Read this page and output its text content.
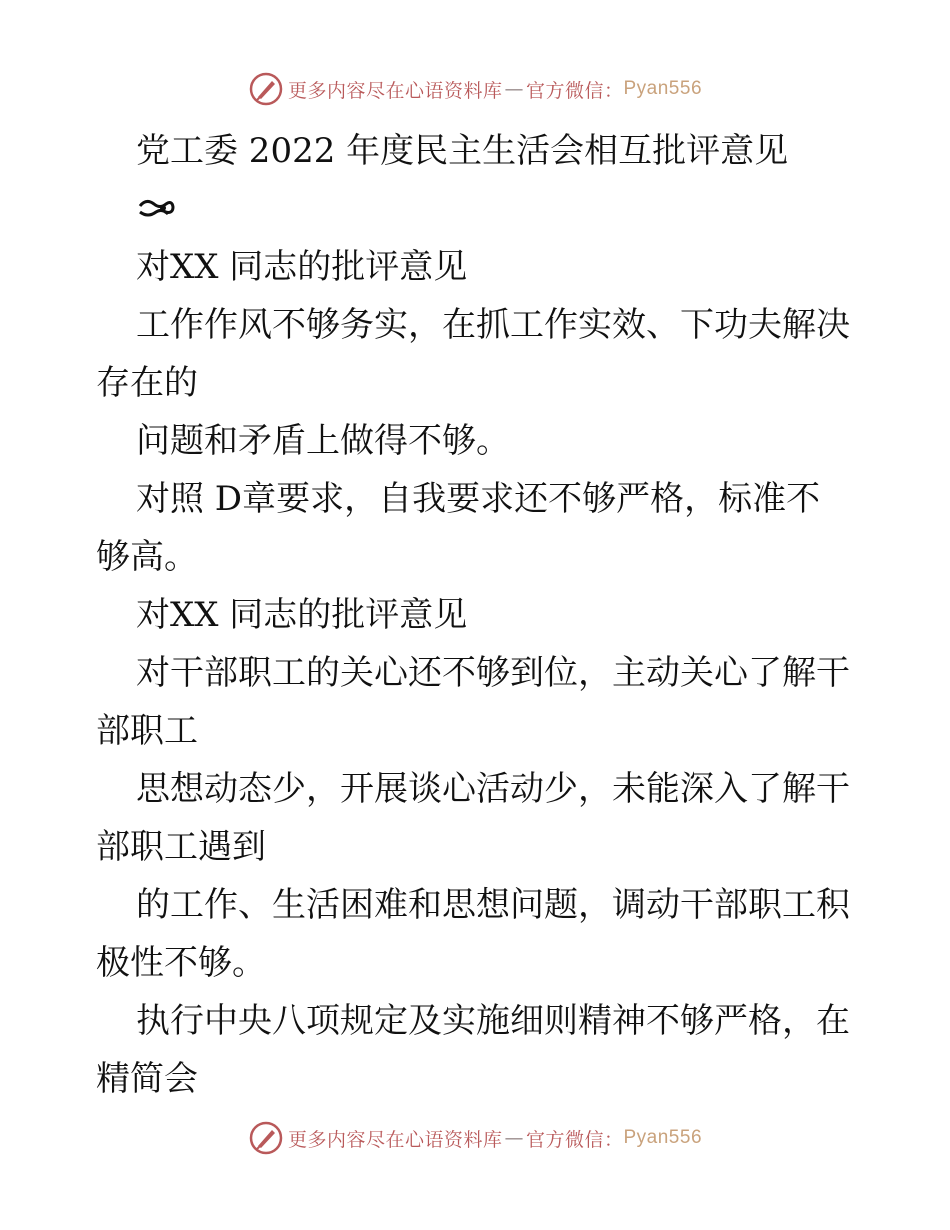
更多内容尽在心语资料库 — 官方微信： Pyan556

党工委 2022 年度民主生活会相互批评意见

对XX 同志的批评意见

工作作风不够务实，在抓工作实效、下功夫解决

存在的

问题和矛盾上做得不够。

对照 D章要求，自我要求还不够严格，标准不

够高。

对XX 同志的批评意见

对干部职工的关心还不够到位，主动关心了解干

部职工

思想动态少，开展谈心活动少，未能深入了解干

部职工遇到

的工作、生活困难和思想问题，调动干部职工积

极性不够。

执行中央八项规定及实施细则精神不够严格，在

精简会

更多内容尽在心语资料库 — 官方微信： Pyan556
